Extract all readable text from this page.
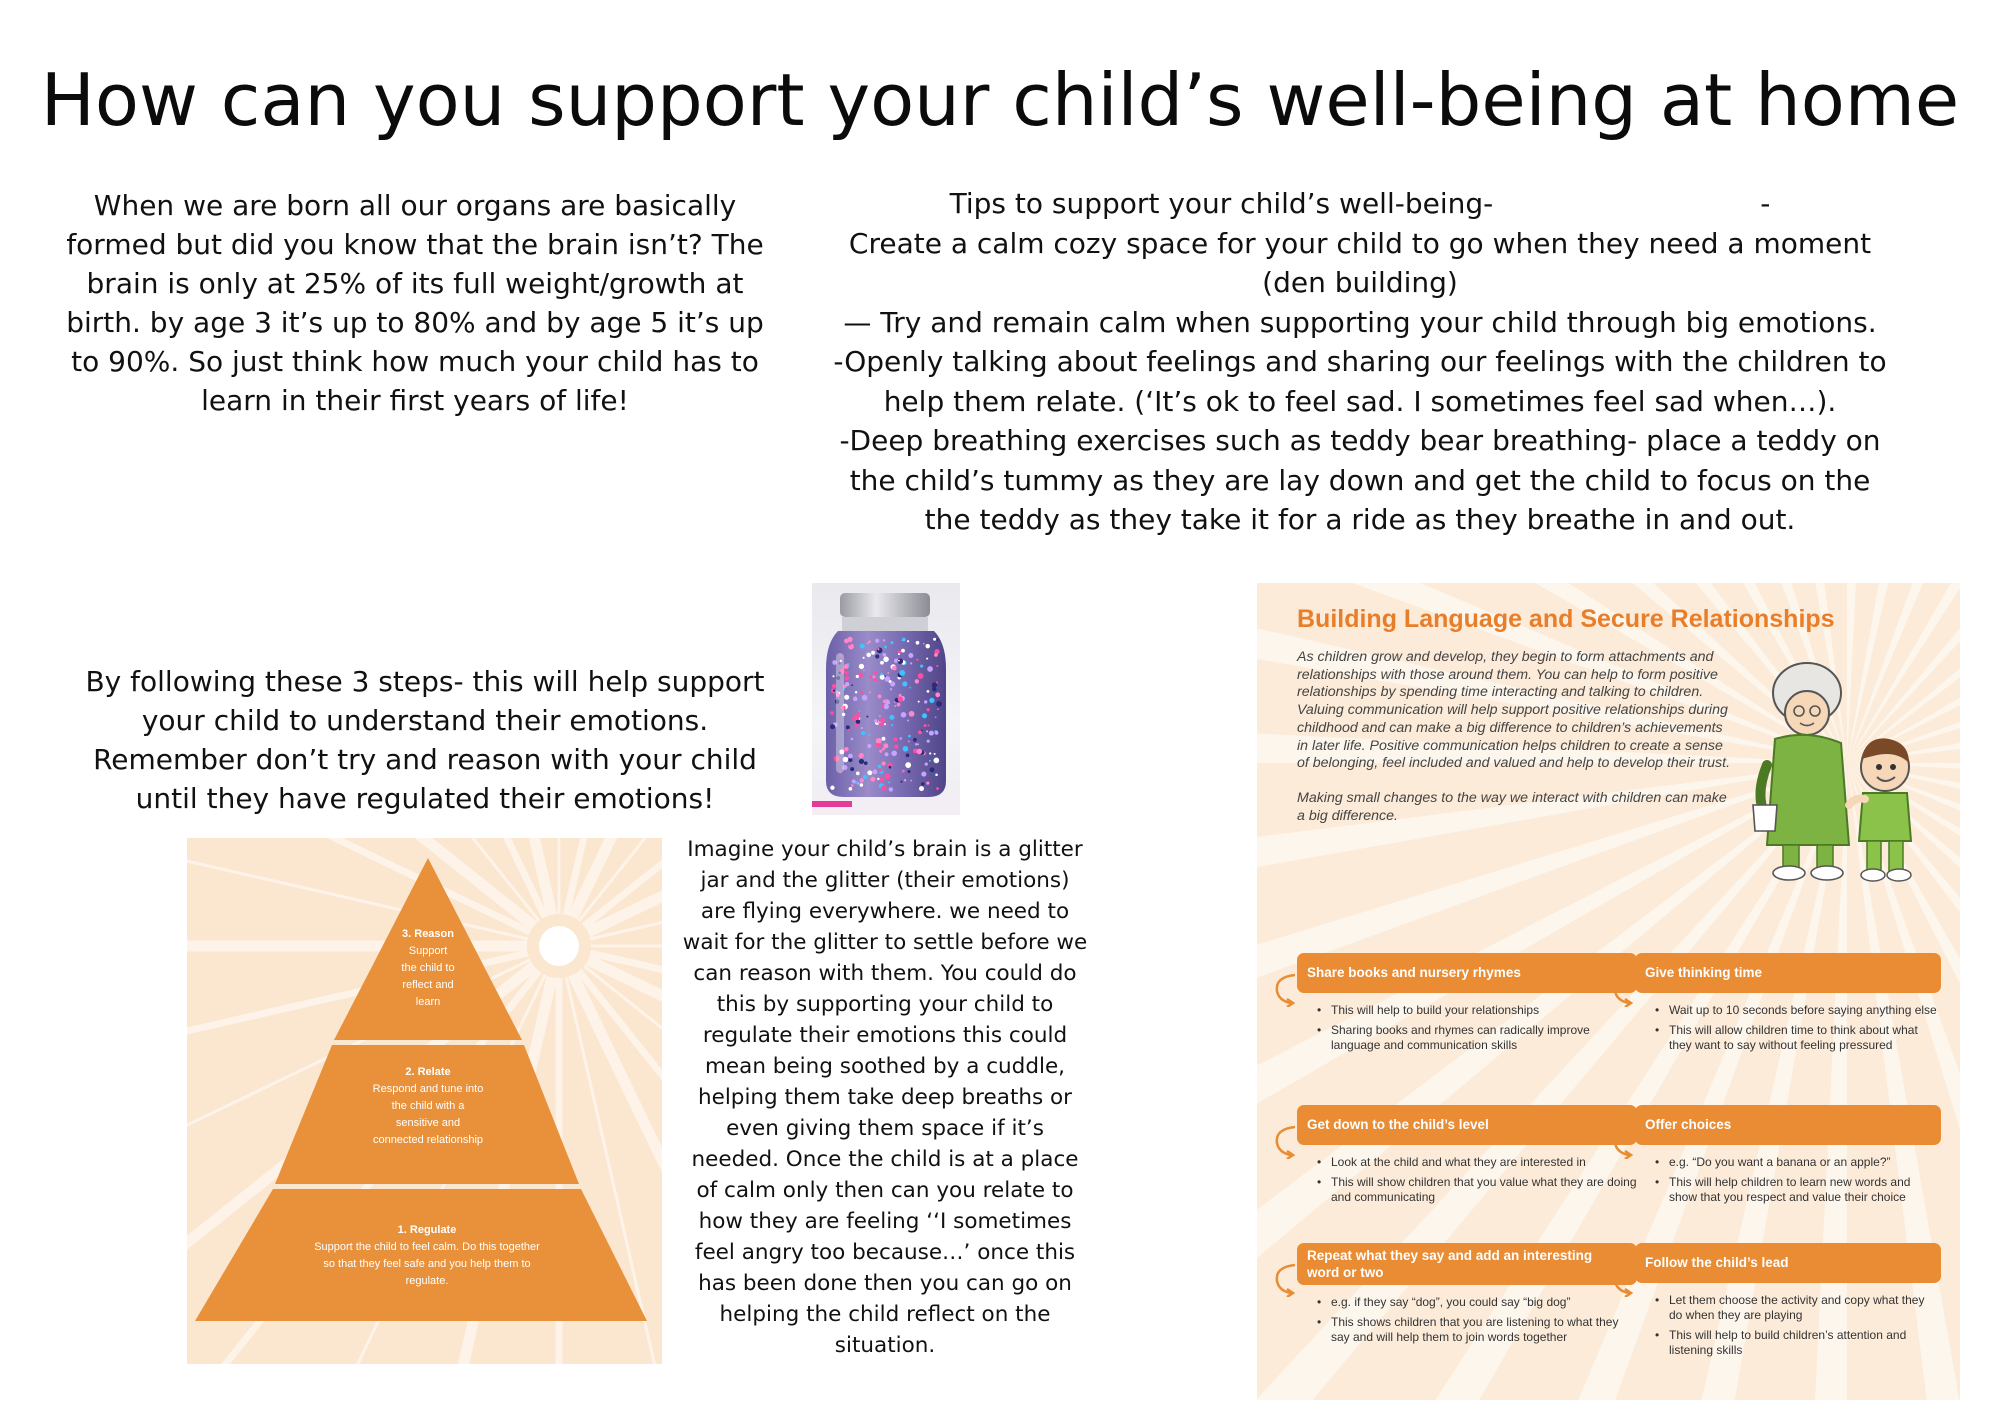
How can you support your child’s well-being at home

When we are born all our organs are basically formed but did you know that the brain isn’t? The brain is only at 25% of its full weight/growth at birth. by age 3 it’s up to 80% and by age 5 it’s up to 90%. So just think how much your child has to learn in their first years of life!

Tips to support your child’s well-being-                              -
Create a calm cozy space for your child to go when they need a moment
(den building)
— Try and remain calm when supporting your child through big emotions.
-Openly talking about feelings and sharing our feelings with the children to
help them relate. (‘It’s ok to feel sad. I sometimes feel sad when…).
-Deep breathing exercises such as teddy bear breathing- place a teddy on
the child’s tummy as they are lay down and get the child to focus on the
the teddy as they take it for a ride as they breathe in and out.

By following these 3 steps- this will help support your child to understand their emotions. Remember don’t try and reason with your child until they have regulated their emotions!

3. Reason
Support the child to reflect and learn
2. Relate
Respond and tune into the child with a sensitive and connected relationship
1. Regulate
Support the child to feel calm. Do this together so that they feel safe and you help them to regulate.

Imagine your child’s brain is a glitter jar and the glitter (their emotions) are flying everywhere. we need to wait for the glitter to settle before we can reason with them. You could do this by supporting your child to regulate their emotions this could mean being soothed by a cuddle, helping them take deep breaths or even giving them space if it’s needed. Once the child is at a place of calm only then can you relate to how they are feeling ‘‘I sometimes feel angry too because…’ once this has been done then you can go on helping the child reflect on the situation.

Building Language and Secure Relationships

As children grow and develop, they begin to form attachments and relationships with those around them. You can help to form positive relationships by spending time interacting and talking to children. Valuing communication will help support positive relationships during childhood and can make a big difference to children’s achievements in later life. Positive communication helps children to create a sense of belonging, feel included and valued and help to develop their trust.

Making small changes to the way we interact with children can make a big difference.

Share books and nursery rhymes
• This will help to build your relationships
• Sharing books and rhymes can radically improve language and communication skills
Give thinking time
• Wait up to 10 seconds before saying anything else
• This will allow children time to think about what they want to say without feeling pressured
Get down to the child’s level
• Look at the child and what they are interested in
• This will show children that you value what they are doing and communicating
Offer choices
• e.g. “Do you want a banana or an apple?”
• This will help children to learn new words and show that you respect and value their choice
Repeat what they say and add an interesting word or two
• e.g. if they say “dog”, you could say “big dog”
• This shows children that you are listening to what they say and will help them to join words together
Follow the child’s lead
• Let them choose the activity and copy what they do when they are playing
• This will help to build children’s attention and listening skills
